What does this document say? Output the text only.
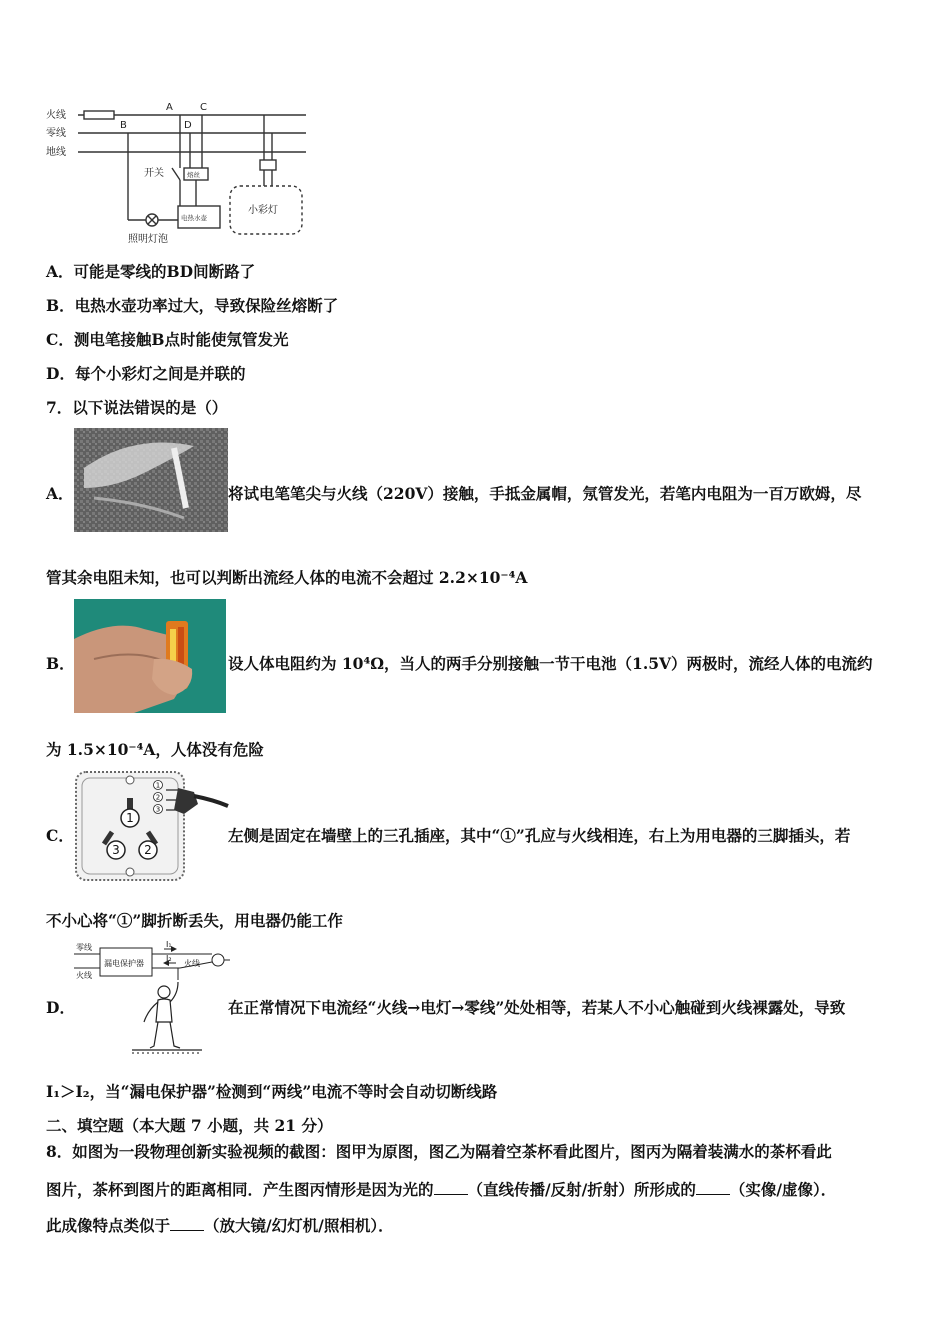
火线
零线
地线
A
B
C
D
开关
照明灯泡
小彩灯
熔丝
电热水壶
A．可能是零线的BD间断路了
B．电热水壶功率过大，导致保险丝熔断了
C．测电笔接触B点时能使氖管发光
D．每个小彩灯之间是并联的
7．以下说法错误的是（）
A．	将试电笔笔尖与火线（220V）接触，手抵金属帽，氖管发光，若笔内电阻为一百万欧姆，尽
管其余电阻未知，也可以判断出流经人体的电流不会超过 2.2×10⁻⁴A
B．	设人体电阻约为 10⁴Ω，当人的两手分别接触一节干电池（1.5V）两极时，流经人体的电流约
为 1.5×10⁻⁴A，人体没有危险
1
3 2
1
2
3
C．	左侧是固定在墙壁上的三孔插座，其中“①”孔应与火线相连，右上为用电器的三脚插头，若
不小心将“①”脚折断丢失，用电器仍能工作
零线
火线
漏电保护器
I₁
I₂
火线
D．	在正常情况下电流经“火线→电灯→零线”处处相等，若某人不小心触碰到火线裸露处，导致
I₁＞I₂，当“漏电保护器”检测到“两线”电流不等时会自动切断线路
二、填空题（本大题 7 小题，共 21 分）
8．如图为一段物理创新实验视频的截图：图甲为原图，图乙为隔着空茶杯看此图片，图丙为隔着装满水的茶杯看此
图片，茶杯到图片的距离相同．产生图丙情形是因为光的 （直线传播/反射/折射）所形成的 （实像/虚像）．
此成像特点类似于 （放大镜/幻灯机/照相机）．
